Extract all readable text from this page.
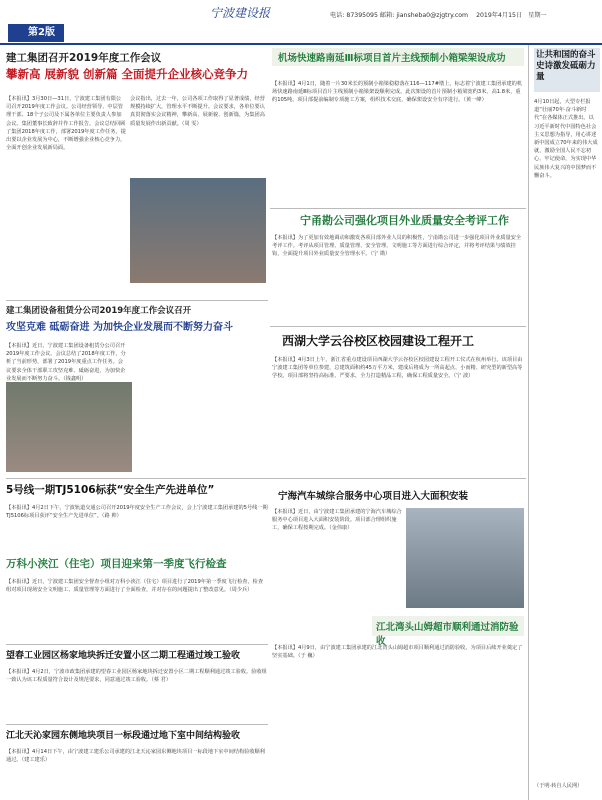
第2版
宁波建设报	电话: 87395095 邮箱: jiansheba0@zjgtry.com 2019年4月15日 星期一
建工集团召开2019年度工作会议
攀新高 展新貌 创新篇 全面提升企业核心竞争力
【本报讯】3月30日—31日，宁波建工集团有限公司召开2019年度工作会议。公司经营领导、中层管理干部、18个子公司及下属各单位主要负责人参加会议。集团董事长致辞并作工作报告。会议总结回顾了集团2018年度工作，部署2019年度工作任务，提出要以企业发展为中心，不断增强企业核心竞争力，全面开创企业发展新局面。
会议指出，过去一年，公司各项工作取得了显著成绩，经营规模持续扩大，管理水平不断提升。会议要求，各单位要认真贯彻落实会议精神，攀新高、展新貌、创新篇，为集团高质量发展作出新贡献。（周 雯）
建工集团设备租赁分公司2019年度工作会议召开
攻坚克难 砥砺奋进 为加快企业发展而不断努力奋斗
【本报讯】近日，宁波建工集团设备租赁分公司召开2019年度工作会议。会议总结了2018年度工作，分析了当前形势，部署了2019年度重点工作任务。会议要求全体干部职工攻坚克难、砥砺奋进，为加快企业发展而不断努力奋斗。（钱鑫明）
机场快速路南延Ⅲ标项目首片主线预制小箱梁架设成功
【本报讯】4月1日，随着一片30米长的预制小箱梁稳稳落在116—117#墩上，标志着宁波建工集团承建的机场快速路南延Ⅲ标项目首片主线预制小箱梁架设顺利完成。此次架设的首片预制小箱梁宽约3米、高1.8米，重约105吨。项目部提前编制专项施工方案，组织技术交底，确保架设安全有序进行。（黄一峰）
宁甬勘公司强化项目外业质量安全考评工作
【本报讯】为了更加有效地调动和激发各项目部外业人员的积极性，宁甬勘公司进一步强化项目外业质量安全考评工作。考评从项目管理、质量管理、安全管理、文明施工等方面进行综合评定，并将考评结果与绩效挂钩，全面提升项目外业质量安全管理水平。（宁 勘）
西湖大学云谷校区校园建设工程开工
【本报讯】4月3日上午，浙江省重点建设项目西湖大学云谷校区校园建设工程开工仪式在杭州举行。该项目由宁波建工集团等单位参建，总建筑面积约45万平方米，建成后将成为一所高起点、小而精、研究型的新型高等学校。项目部将坚持高标准、严要求，全力打造精品工程，确保工程质量安全。（宁 波）
5号线一期TJ5106标获“安全生产先进单位”
【本报讯】4月2日下午，宁波轨道交通公司召开2019年度安全生产工作会议，会上宁波建工集团承建的5号线一期TJ5106标项目获评“安全生产先进单位”。（路 帅）
万科小浃江（住宅）项目迎来第一季度飞行检查
【本报讯】近日，宁波建工集团安全督查小组对万科小浃江（住宅）项目进行了2019年第一季度飞行检查，检查组对项目现场安全文明施工、质量管理等方面进行了全面检查，并对存在的问题提出了整改意见。（周少兵）
望春工业园区杨家地块拆迁安置小区二期工程通过竣工验收
【本报讯】4月2日，宁波市政集团承建的望春工业园区杨家地块拆迁安置小区二期工程顺利通过竣工验收。验收组一致认为该工程质量符合设计及规范要求，同意通过竣工验收。（蔡 君）
江北天沁家园东侧地块项目一标段通过地下室中间结构验收
【本报讯】4月14日下午，由宁波建工建乐公司承建的江北天沁家园东侧地块项目一标段地下室中间结构验收顺利通过。（建工建乐）
宁海汽车城综合服务中心项目进入大面积安装
【本报讯】近日，由宁波建工集团承建的宁海汽车城综合服务中心项目进入大面积安装阶段。项目部合理组织施工，确保工程按期完成。（金伟康）
江北湾头山姆超市顺利通过消防验收
【本报讯】4月9日，由宁波建工集团承建的江北湾头山姆超市项目顺利通过消防验收，为项目后续开业奠定了坚实基础。（于 巍）
让共和国的奋斗史诗激发砥砺力量
4月10日起，大型专栏报道“壮丽70年·奋斗新时代”在各媒体正式推出。以习近平新时代中国特色社会主义思想为指导，用心讲述新中国成立70年来的伟大成就，激励全国人民不忘初心、牢记使命，为实现中华民族伟大复兴的中国梦而不懈奋斗。
（于明·转自人民网）
